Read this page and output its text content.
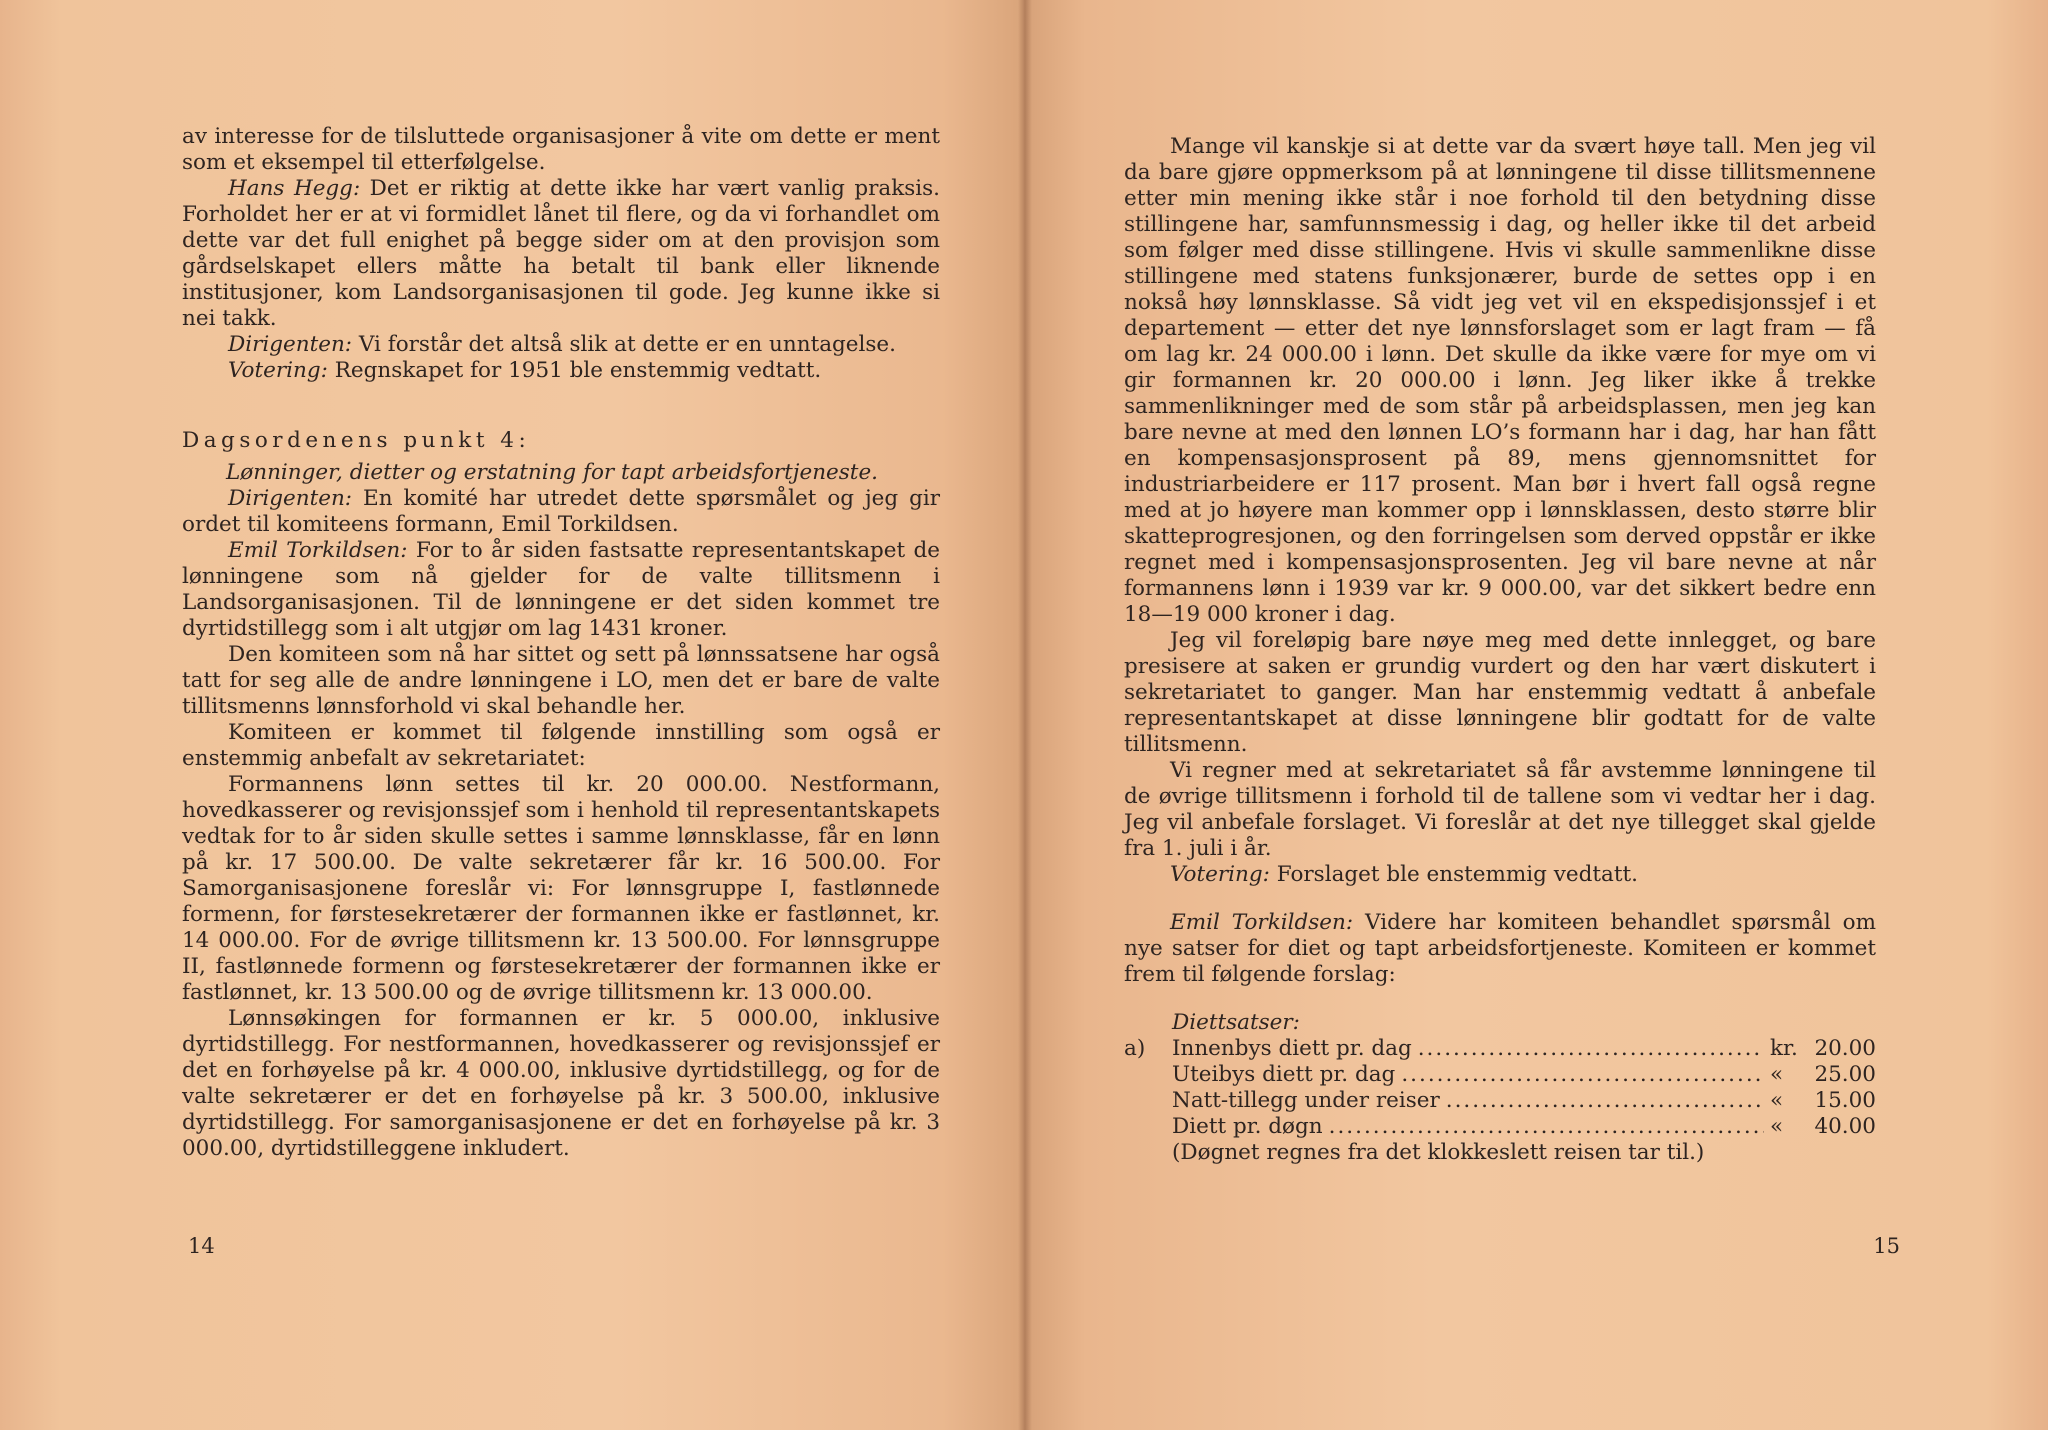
av interesse for de tilsluttede organisasjoner å vite om dette er ment som et eksempel til etterfølgelse.

Hans Hegg: Det er riktig at dette ikke har vært vanlig praksis. Forholdet her er at vi formidlet lånet til flere, og da vi forhandlet om dette var det full enighet på begge sider om at den provisjon som gårdselskapet ellers måtte ha betalt til bank eller liknende institusjoner, kom Landsorganisasjonen til gode. Jeg kunne ikke si nei takk.

Dirigenten: Vi forstår det altså slik at dette er en unntagelse.

Votering: Regnskapet for 1951 ble enstemmig vedtatt.

Dagsordenens punkt 4:

Lønninger, dietter og erstatning for tapt arbeidsfortjeneste.

Dirigenten: En komité har utredet dette spørsmålet og jeg gir ordet til komiteens formann, Emil Torkildsen.

Emil Torkildsen: For to år siden fastsatte representantskapet de lønningene som nå gjelder for de valte tillitsmenn i Landsorganisasjonen. Til de lønningene er det siden kommet tre dyrtidstillegg som i alt utgjør om lag 1431 kroner.

Den komiteen som nå har sittet og sett på lønnssatsene har også tatt for seg alle de andre lønningene i LO, men det er bare de valte tillitsmenns lønnsforhold vi skal behandle her.

Komiteen er kommet til følgende innstilling som også er enstemmig anbefalt av sekretariatet:

Formannens lønn settes til kr. 20 000.00. Nestformann, hovedkasserer og revisjonssjef som i henhold til representantskapets vedtak for to år siden skulle settes i samme lønnsklasse, får en lønn på kr. 17 500.00. De valte sekretærer får kr. 16 500.00. For Samorganisasjonene foreslår vi: For lønnsgruppe I, fastlønnede formenn, for førstesekretærer der formannen ikke er fastlønnet, kr. 14 000.00. For de øvrige tillitsmenn kr. 13 500.00. For lønnsgruppe II, fastlønnede formenn og førstesekretærer der formannen ikke er fastlønnet, kr. 13 500.00 og de øvrige tillitsmenn kr. 13 000.00.

Lønnsøkingen for formannen er kr. 5 000.00, inklusive dyrtidstillegg. For nestformannen, hovedkasserer og revisjonssjef er det en forhøyelse på kr. 4 000.00, inklusive dyrtidstillegg, og for de valte sekretærer er det en forhøyelse på kr. 3 500.00, inklusive dyrtidstillegg. For samorganisasjonene er det en forhøyelse på kr. 3 000.00, dyrtidstilleggene inkludert.

14

Mange vil kanskje si at dette var da svært høye tall. Men jeg vil da bare gjøre oppmerksom på at lønningene til disse tillitsmennene etter min mening ikke står i noe forhold til den betydning disse stillingene har, samfunnsmessig i dag, og heller ikke til det arbeid som følger med disse stillingene. Hvis vi skulle sammenlikne disse stillingene med statens funksjonærer, burde de settes opp i en nokså høy lønnsklasse. Så vidt jeg vet vil en ekspedisjonssjef i et departement — etter det nye lønnsforslaget som er lagt fram — få om lag kr. 24 000.00 i lønn. Det skulle da ikke være for mye om vi gir formannen kr. 20 000.00 i lønn. Jeg liker ikke å trekke sammenlikninger med de som står på arbeidsplassen, men jeg kan bare nevne at med den lønnen LO’s formann har i dag, har han fått en kompensasjonsprosent på 89, mens gjennomsnittet for industriarbeidere er 117 prosent. Man bør i hvert fall også regne med at jo høyere man kommer opp i lønnsklassen, desto større blir skatteprogresjonen, og den forringelsen som derved oppstår er ikke regnet med i kompensasjonsprosenten. Jeg vil bare nevne at når formannens lønn i 1939 var kr. 9 000.00, var det sikkert bedre enn 18—19 000 kroner i dag.

Jeg vil foreløpig bare nøye meg med dette innlegget, og bare presisere at saken er grundig vurdert og den har vært diskutert i sekretariatet to ganger. Man har enstemmig vedtatt å anbefale representantskapet at disse lønningene blir godtatt for de valte tillitsmenn.

Vi regner med at sekretariatet så får avstemme lønningene til de øvrige tillitsmenn i forhold til de tallene som vi vedtar her i dag. Jeg vil anbefale forslaget. Vi foreslår at det nye tillegget skal gjelde fra 1. juli i år.

Votering: Forslaget ble enstemmig vedtatt.

Emil Torkildsen: Videre har komiteen behandlet spørsmål om nye satser for diet og tapt arbeidsfortjeneste. Komiteen er kommet frem til følgende forslag:

Diettsatser:

a)	Innenbys diett pr. dag .....	kr. 20.00
Uteibys diett pr. dag .....	«	25.00
Natt-tillegg under reiser .....	«	15.00
Diett pr. døgn .....	«	40.00

(Døgnet regnes fra det klokkeslett reisen tar til.)

15
